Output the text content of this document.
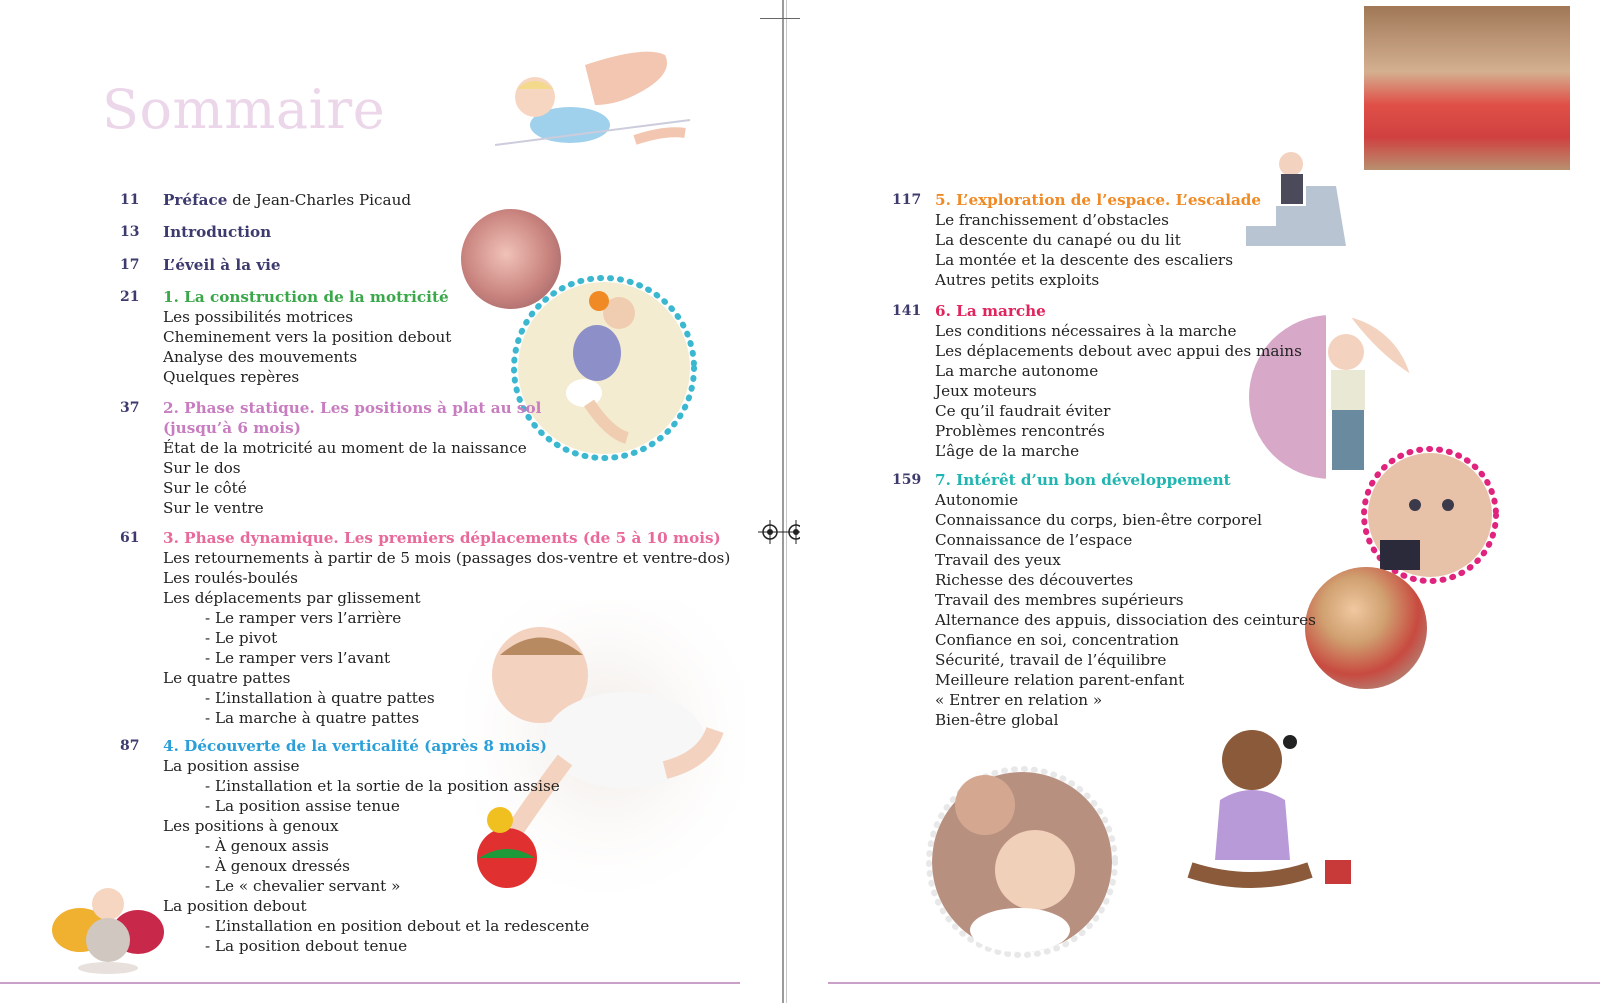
Sommaire
11 Préface de Jean-Charles Picaud
13 Introduction
17 L’éveil à la vie
21 1. La construction de la motricité
Les possibilités motrices
Cheminement vers la position debout
Analyse des mouvements
Quelques repères
37 2. Phase statique. Les positions à plat au sol
(jusqu’à 6 mois)
État de la motricité au moment de la naissance
Sur le dos
Sur le côté
Sur le ventre
61 3. Phase dynamique. Les premiers déplacements (de 5 à 10 mois)
Les retournements à partir de 5 mois (passages dos-ventre et ventre-dos)
Les roulés-boulés
Les déplacements par glissement
- Le ramper vers l’arrière
- Le pivot
- Le ramper vers l’avant
Le quatre pattes
- L’installation à quatre pattes
- La marche à quatre pattes
87 4. Découverte de la verticalité (après 8 mois)
La position assise
- L’installation et la sortie de la position assise
- La position assise tenue
Les positions à genoux
- À genoux assis
- À genoux dressés
- Le « chevalier servant »
La position debout
- L’installation en position debout et la redescente
- La position debout tenue
117 5. L’exploration de l’espace. L’escalade
Le franchissement d’obstacles
La descente du canapé ou du lit
La montée et la descente des escaliers
Autres petits exploits
141 6. La marche
Les conditions nécessaires à la marche
Les déplacements debout avec appui des mains
La marche autonome
Jeux moteurs
Ce qu’il faudrait éviter
Problèmes rencontrés
L’âge de la marche
159 7. Intérêt d’un bon développement
Autonomie
Connaissance du corps, bien-être corporel
Connaissance de l’espace
Travail des yeux
Richesse des découvertes
Travail des membres supérieurs
Alternance des appuis, dissociation des ceintures
Confiance en soi, concentration
Sécurité, travail de l’équilibre
Meilleure relation parent-enfant
« Entrer en relation »
Bien-être global
